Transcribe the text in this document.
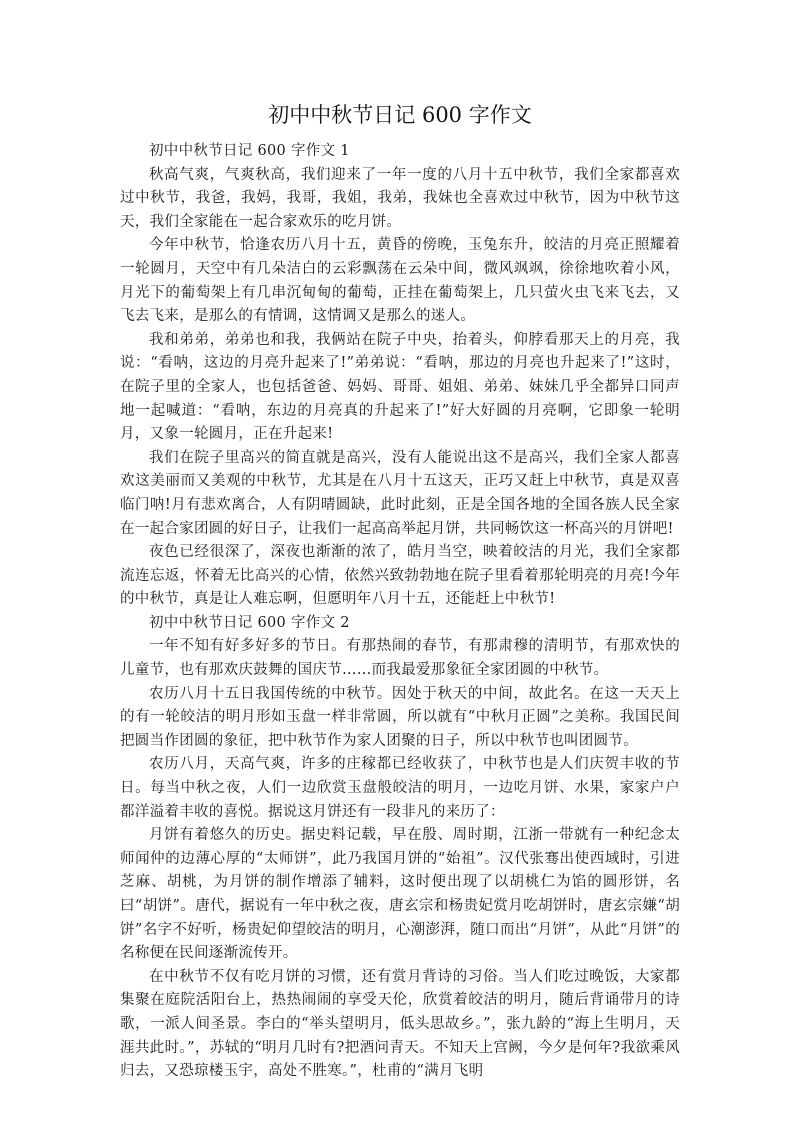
初中中秋节日记 600 字作文

初中中秋节日记 600 字作文 1

秋高气爽，气爽秋高，我们迎来了一年一度的八月十五中秋节，我们全家都喜欢过中秋节，我爸，我妈，我哥，我姐，我弟，我妹也全喜欢过中秋节，因为中秋节这天，我们全家能在一起合家欢乐的吃月饼。

今年中秋节，恰逢农历八月十五，黄昏的傍晚，玉兔东升，皎洁的月亮正照耀着一轮圆月，天空中有几朵洁白的云彩飘荡在云朵中间，微风飒飒，徐徐地吹着小风，月光下的葡萄架上有几串沉甸甸的葡萄，正挂在葡萄架上，几只萤火虫飞来飞去，又飞去飞来，是那么的有情调，这情调又是那么的迷人。

我和弟弟，弟弟也和我，我俩站在院子中央，抬着头，仰脖看那天上的月亮，我说：“看呐，这边的月亮升起来了!”弟弟说：“看呐，那边的月亮也升起来了!”这时，在院子里的全家人，也包括爸爸、妈妈、哥哥、姐姐、弟弟、妹妹几乎全都异口同声地一起喊道：“看呐，东边的月亮真的升起来了!”好大好圆的月亮啊，它即象一轮明月，又象一轮圆月，正在升起来!

我们在院子里高兴的简直就是高兴，没有人能说出这不是高兴，我们全家人都喜欢这美丽而又美观的中秋节，尤其是在八月十五这天，正巧又赶上中秋节，真是双喜临门呐!月有悲欢离合，人有阴晴圆缺，此时此刻，正是全国各地的全国各族人民全家在一起合家团圆的好日子，让我们一起高高举起月饼，共同畅饮这一杯高兴的月饼吧!

夜色已经很深了，深夜也渐渐的浓了，皓月当空，映着皎洁的月光，我们全家都流连忘返，怀着无比高兴的心情，依然兴致勃勃地在院子里看着那轮明亮的月亮!今年的中秋节，真是让人难忘啊，但愿明年八月十五，还能赶上中秋节!

初中中秋节日记 600 字作文 2

一年不知有好多好多的节日。有那热闹的春节，有那肃穆的清明节，有那欢快的儿童节，也有那欢庆鼓舞的国庆节……而我最爱那象征全家团圆的中秋节。

农历八月十五日我国传统的中秋节。因处于秋天的中间，故此名。在这一天天上的有一轮皎洁的明月形如玉盘一样非常圆，所以就有“中秋月正圆”之美称。我国民间把圆当作团圆的象征，把中秋节作为家人团聚的日子，所以中秋节也叫团圆节。

农历八月，天高气爽，许多的庄稼都已经收获了，中秋节也是人们庆贺丰收的节日。每当中秋之夜，人们一边欣赏玉盘般皎洁的明月，一边吃月饼、水果，家家户户都洋溢着丰收的喜悦。据说这月饼还有一段非凡的来历了：

月饼有着悠久的历史。据史料记载，早在殷、周时期，江浙一带就有一种纪念太师闻仲的边薄心厚的“太师饼”，此乃我国月饼的“始祖”。汉代张骞出使西域时，引进芝麻、胡桃，为月饼的制作增添了辅料，这时便出现了以胡桃仁为馅的圆形饼，名曰“胡饼”。唐代，据说有一年中秋之夜，唐玄宗和杨贵妃赏月吃胡饼时，唐玄宗嫌“胡饼”名字不好听，杨贵妃仰望皎洁的明月，心潮澎湃，随口而出“月饼”，从此“月饼”的名称便在民间逐渐流传开。

在中秋节不仅有吃月饼的习惯，还有赏月背诗的习俗。当人们吃过晚饭，大家都集聚在庭院活阳台上，热热闹闹的享受天伦，欣赏着皎洁的明月，随后背诵带月的诗歌，一派人间圣景。李白的“举头望明月，低头思故乡。”，张九龄的“海上生明月，天涯共此时。”，苏轼的“明月几时有?把酒问青天。不知天上宫阙，今夕是何年?我欲乘风归去，又恐琼楼玉宇，高处不胜寒。”，杜甫的“满月飞明
